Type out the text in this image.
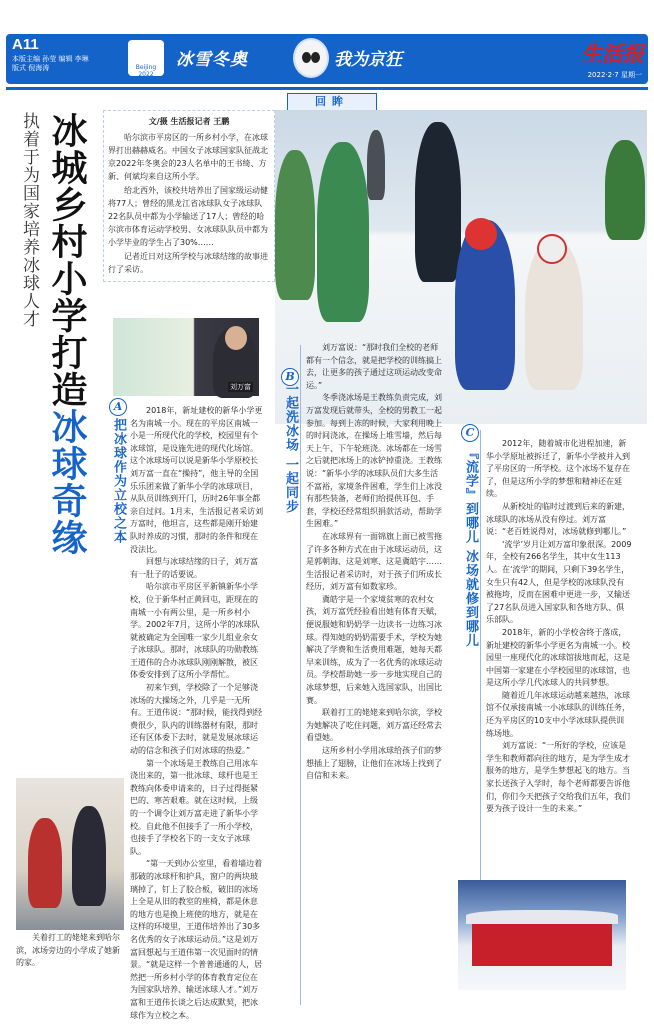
A11
本版主编 孙莹 编辑 李琳
版式 倪海涛	Beijing 2022
冰雪冬奥	我为京狂	生活报
2022·2·7 星期一
回眸
冰城乡村小学打造冰球奇缘
执着于为国家培养冰球人才	文/摄 生活报记者 王鹏

哈尔滨市平房区的一所乡村小学，在冰球界打出赫赫威名。中国女子冰球国家队征战北京2022年冬奥会的23人名单中的王书绮、方新、何斌均来自这所小学。

给北西外，该校共培养出了国家级运动健将77人；曾经的黑龙江省冰球队女子冰球队22名队员中都为小学输送了17人；曾经的哈尔滨市体育运动学校男、女冰球队队员中都为小学毕业的学生占了30%……

记者近日对这所学校与冰球结缘的故事进行了采访。

刘万富
A
把冰球作为立校之本

2018年，新址建校的新华小学更名为南城一小。现在的平房区南城一小是一所现代化的学校，校园里有个冰球馆，是设施先进的现代化场馆。这个冰球场可以说是新华小学原校长刘万富一直在“操持”，他主导的全国乐乐团来做了新华小学的冰球项目，从队员训练到开门，历时26年事全都亲自过问。1月末，生活报记者采访刘万富时，他坦言，这些都是刚开始建队时养成的习惯，那时的条件和现在没法比。

回想与冰球结缘的日子，刘万富有一肚子的话要说。

哈尔滨市平房区平新镇新华小学校，位于新华村正黄回屯，距现在的南城一小有两公里，是一所乡村小学。2002年7月，这所小学的冰球队就被确定为全国唯一家少儿组业余女子冰球队。那时，冰球队的功勋教练王道伟的合办冰球队刚刚解散，被区体委安排到了这所小学帮忙。

初来乍到，学校除了一个足够浇冰场的大操场之外，几乎是一无所有。王道伟说：“那时候，能找得到经费很少，队内的训练器材有限，那时还有区体委下去时，就是发展冰球运动的信念和孩子们对冰球的热爱。”

第一个冰场是王教练自己用冰车浇出来的，第一批冰球、球杆也是王教练向体委申请来的，日子过得挺紧巴的、寒苦艰难。就在这时候，上级的一个调令让刘万富走进了新华小学校。自此他不但接手了一所小学校，也接手了学校名下的一支女子冰球队。

“第一天到办公室里，看着墙边着那破的冰球杆和护具，窗户的两块玻璃掉了，钉上了胶合板，破旧的冰场上全是从旧的教室的座椅，都是休息的地方也是换上班使的地方，就是在这样的环境里，王道伟培养出了30多名优秀的女子冰球运动员。”这是刘万富回想起与王道伟第一次见面时的情景。“就是这样一个普普通通的人，居然把一所乡村小学的体育教育定位在为国家队培养、输送冰球人才。”刘万富和王道伟长谈之后达成默契，把冰球作为立校之本。

B
一起洗冰场 一起同步

刘万富说：“那时我们全校的老师都有一个信念，就是把学校的训练搞上去，让更多的孩子通过这项运动改变命运。”

冬季浇冰场是王教练负责完成，刘万富发现后就带头，全校的男教工一起参加。每到上冻的时候，大家利用晚上的时间浇冰，在操场上堆雪墙，然后每天上午、下午轮班浇。冰场都在一场雪之后就把冰场上的冰铲掉重浇。王教练说：“新华小学的冰球队员们大多生活不富裕，家境条件困难，学生们上冰没有那些装备，老师们给提供耳包、手套，学校还经常组织捐款活动，帮助学生困难。”

在冰球界有一面锦旗上面已被雪拖了许多各种方式在由于冰球运动员，这是郭朝海、这是刘寒、这是冀皓宇……生活报记者采访时，对于孩子们所成长经历，刘万富有如数家珍。

冀皓宇是一个家境贫寒的农村女孩，刘万富凭经验看出她有体育天赋，便说服她和奶奶学一边读书一边练习冰球。得知她的奶奶需要手术，学校为她解决了学费和生活费用难题，她每天都早来训练，成为了一名优秀的冰球运动员。学校帮助她一步一步地实现自己的冰球梦想，后来她入选国家队，出国比赛。

联着打工的姥姥来到哈尔滨，学校为她解决了吃住问题，刘万富还经常去看望她。

这所乡村小学用冰球给孩子们的梦想插上了翅膀，让他们在冰场上找到了自信和未来。

C
『流学』到哪儿 冰场就修到哪儿

2012年，随着城市化进程加速，新华小学原址被拆迁了，新华小学被并入到了平房区的一所学校。这个冰场不复存在了，但是这所小学的梦想和精神还在延续。

从新校址的临时过渡到后来的新建，冰球队的冰场从没有停过。刘万富说：“老百姓说得对，冰场就修到哪儿。”

‘流学’岁月让刘万富印象很深。2009年，全校有266名学生，其中女生113人。在‘流学’的期间，只剩下39名学生，女生只有42人，但是学校的冰球队没有被拖垮，反而在困难中更进一步，又输送了27名队员进入国家队和各地方队、俱乐部队。

2018年，新的小学校舍终于落成，新址建校的新华小学更名为南城一小。校园里一座现代化的冰球馆拔地而起，这是中国第一家建在小学校园里的冰球馆，也是这所小学几代冰球人的共同梦想。

随着近几年冰球运动越来越热，冰球馆不仅承接南城一小冰球队的训练任务，还为平房区的10支中小学冰球队提供训练场地。

刘万富说：“一所好的学校，应该是学生和教师都向往的地方，是为学生成才服务的地方，是学生梦想起飞的地方。当家长送孩子入学时，每个老师都要告诉他们，你们今天把孩子交给我们五年，我们要为孩子设计一生的未来。”

关着打工的姥姥来到哈尔滨，冰场旁边的小学成了她新的家。
